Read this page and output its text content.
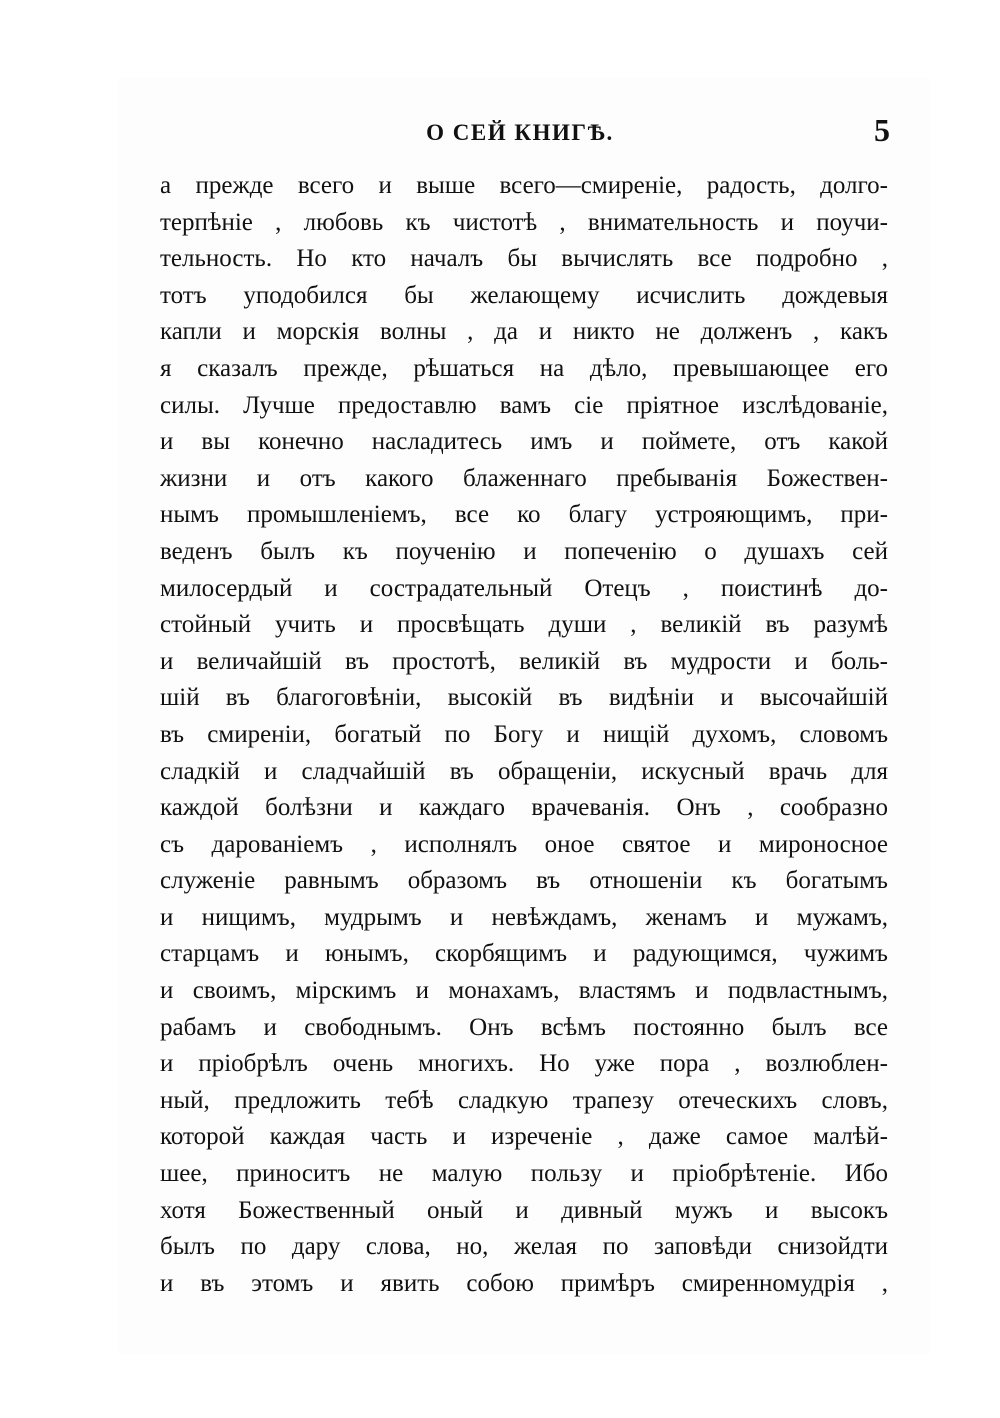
О СЕЙ КНИГѢ.	5
а прежде всего и выше всего—смиреніе, радость, долго-
терпѣніе , любовь къ чистотѣ , внимательность и поучи-
тельность. Но кто началъ бы вычислять все подробно ,
тотъ уподобился бы желающему исчислить дождевыя
капли и морскія волны , да и никто не долженъ , какъ
я сказалъ прежде, рѣшаться на дѣло, превышающее его
силы. Лучше предоставлю вамъ сіе пріятное изслѣдованіе,
и вы конечно насладитесь имъ и поймете, отъ какой
жизни и отъ какого блаженнаго пребыванія Божествен-
нымъ промышленіемъ, все ко благу устрояющимъ, при-
веденъ былъ къ поученію и попеченію о душахъ сей
милосердый и сострадательный Отецъ , поистинѣ до-
стойный учить и просвѣщать души , великій въ разумѣ
и величайшій въ простотѣ, великій въ мудрости и боль-
шій въ благоговѣніи, высокій въ видѣніи и высочайшій
въ смиреніи, богатый по Богу и нищій духомъ, словомъ
сладкій и сладчайшій въ обращеніи, искусный врачь для
каждой болѣзни и каждаго врачеванія. Онъ , сообразно
съ дарованіемъ , исполнялъ оное святое и мироносное
служеніе равнымъ образомъ въ отношеніи къ богатымъ
и нищимъ, мудрымъ и невѣждамъ, женамъ и мужамъ,
старцамъ и юнымъ, скорбящимъ и радующимся, чужимъ
и своимъ, мірскимъ и монахамъ, властямъ и подвластнымъ,
рабамъ и свободнымъ. Онъ всѣмъ постоянно былъ все
и пріобрѣлъ очень многихъ. Но уже пора , возлюблен-
ный, предложить тебѣ сладкую трапезу отеческихъ словъ,
которой каждая часть и изреченіе , даже самое малѣй-
шее, приноситъ не малую пользу и пріобрѣтеніе. Ибо
хотя Божественный оный и дивный мужъ и высокъ
былъ по дару слова, но, желая по заповѣди снизойдти
и въ этомъ и явить собою примѣръ смиренномудрія ,
